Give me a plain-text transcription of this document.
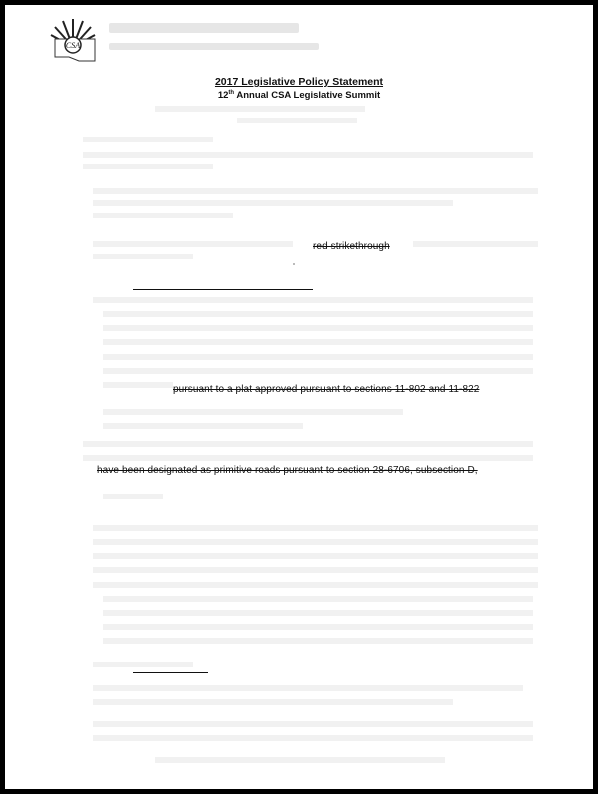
CSA
2017 Legislative Policy Statement
12th Annual CSA Legislative Summit
red strikethrough
pursuant to a plat approved pursuant to sections 11-802 and 11-822
have been designated as primitive roads pursuant to section 28-6706, subsection D,
